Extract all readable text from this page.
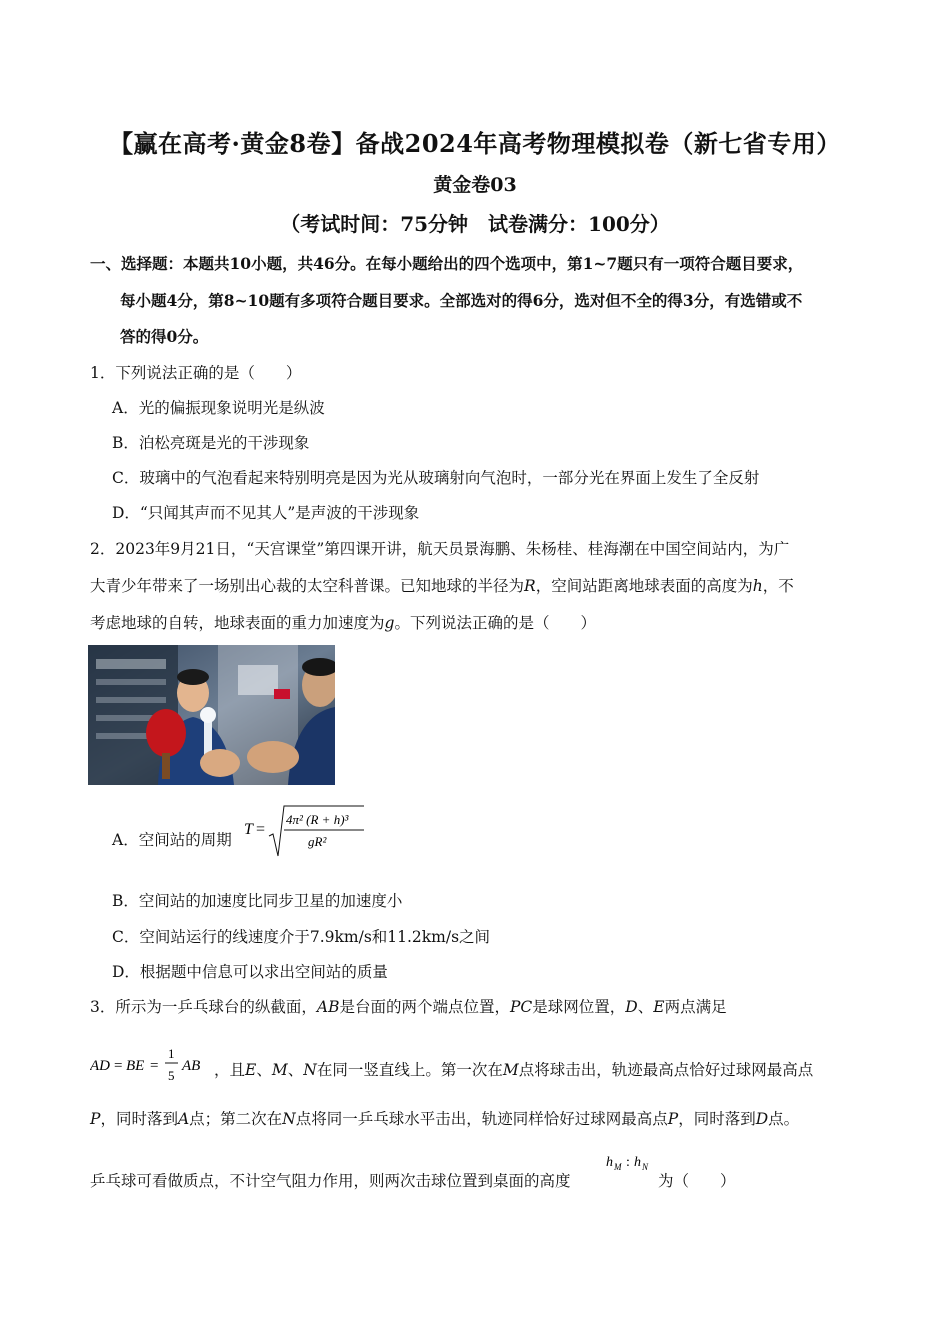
【赢在高考·黄金8卷】备战2024年高考物理模拟卷（新七省专用）
黄金卷03
（考试时间：75分钟　试卷满分：100分）
一、选择题：本题共10小题，共46分。在每小题给出的四个选项中，第1~7题只有一项符合题目要求，
每小题4分，第8~10题有多项符合题目要求。全部选对的得6分，选对但不全的得3分，有选错或不
答的得0分。
1．下列说法正确的是（　　）
A．光的偏振现象说明光是纵波
B．泊松亮斑是光的干涉现象
C．玻璃中的气泡看起来特别明亮是因为光从玻璃射向气泡时，一部分光在界面上发生了全反射
D．“只闻其声而不见其人”是声波的干涉现象
2．2023年9月21日，“天宫课堂”第四课开讲，航天员景海鹏、朱杨桂、桂海潮在中国空间站内，为广
大青少年带来了一场别出心裁的太空科普课。已知地球的半径为R，空间站距离地球表面的高度为h，不
考虑地球的自转，地球表面的重力加速度为g。下列说法正确的是（　　）
A．空间站的周期
T =
4π² (R + h)³
gR²
B．空间站的加速度比同步卫星的加速度小
C．空间站运行的线速度介于7.9km/s和11.2km/s之间
D．根据题中信息可以求出空间站的质量
3．所示为一乒乓球台的纵截面，AB是台面的两个端点位置，PC是球网位置，D、E两点满足
AD = BE =
1
5
AB ，且E、M、N在同一竖直线上。第一次在M点将球击出，轨迹最高点恰好过球网最高点
P，同时落到A点；第二次在N点将同一乒乓球水平击出，轨迹同样恰好过球网最高点P，同时落到D点。
乒乓球可看做质点，不计空气阻力作用，则两次击球位置到桌面的高度
h M : h N
为（　　）
